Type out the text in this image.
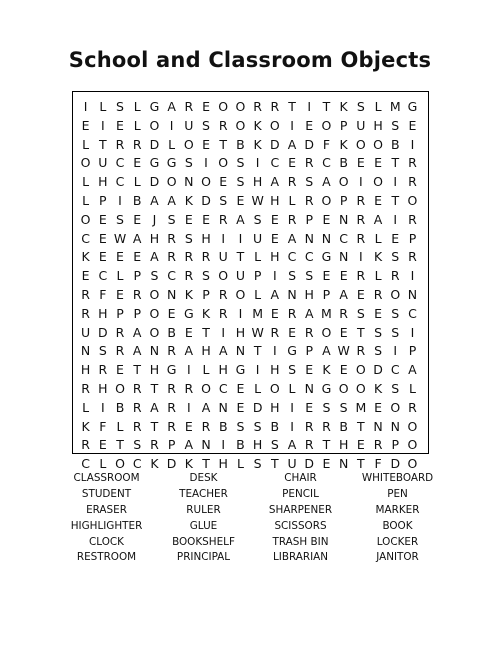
School and Classroom Objects
I L S L G A R E O O R R T I T K S L M G
E I E L O I U S R O K O I E O P U H S E
L T R R D L O E T B K D A D F K O O B I
O U C E G G S I O S I C E R C B E E T R
L H C L D O N O E S H A R S A O I O I R
L P I B A A K D S E W H L R O P R E T O
O E S E J S E E R A S E R P E N R A I R
C E W A H R S H I	I U E A N N C R L E P
K E E E A R R R U T L H C C G N I K S R
E C L P S C R S O U P I S S E E R L R I
R F E R O N K P R O L A N H P A E R O N
R H P P O E G K R I M E R A M R S E S C
U D R A O B E T I H W R E R O E T S S I
N S R A N R A H A N T I G P A W R S I P
H R E T H G I L H G I H S E K E O D C A
R H O R T R R O C E L O L N G O O K S L
L I B R A R I A N E D H I E S S M E O R
K F L R T R E R B S S B I R R B T N N O
R E T S R P A N I B H S A R T H E R P O
C L O C K D K T H L S T U D E N T F D O
CLASSROOM	DESK	CHAIR	WHITEBOARD
STUDENT	TEACHER	PENCIL	PEN
ERASER	RULER	SHARPENER	MARKER
HIGHLIGHTER	GLUE	SCISSORS	BOOK
CLOCK	BOOKSHELF	TRASH BIN	LOCKER
RESTROOM	PRINCIPAL	LIBRARIAN	JANITOR
